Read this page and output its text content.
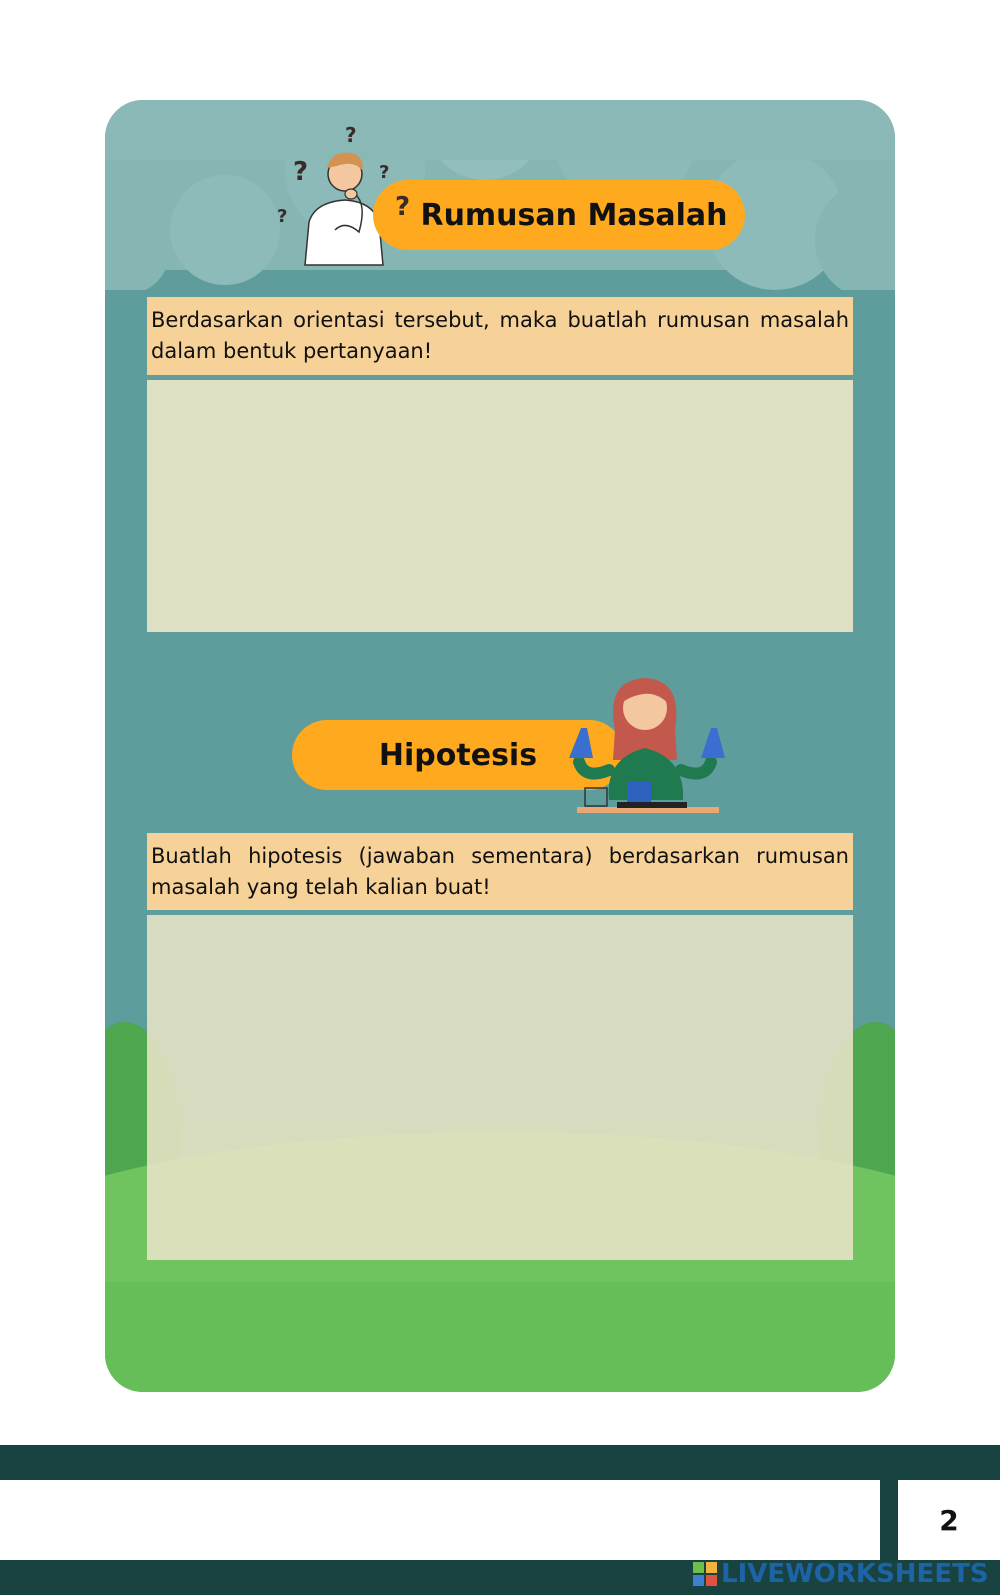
?
?	?
?	? Rumusan Masalah
Berdasarkan orientasi tersebut, maka buatlah rumusan masalah dalam bentuk pertanyaan!
Hipotesis
Buatlah hipotesis (jawaban sementara) berdasarkan rumusan masalah yang telah kalian buat!
2
LIVEWORKSHEETS
